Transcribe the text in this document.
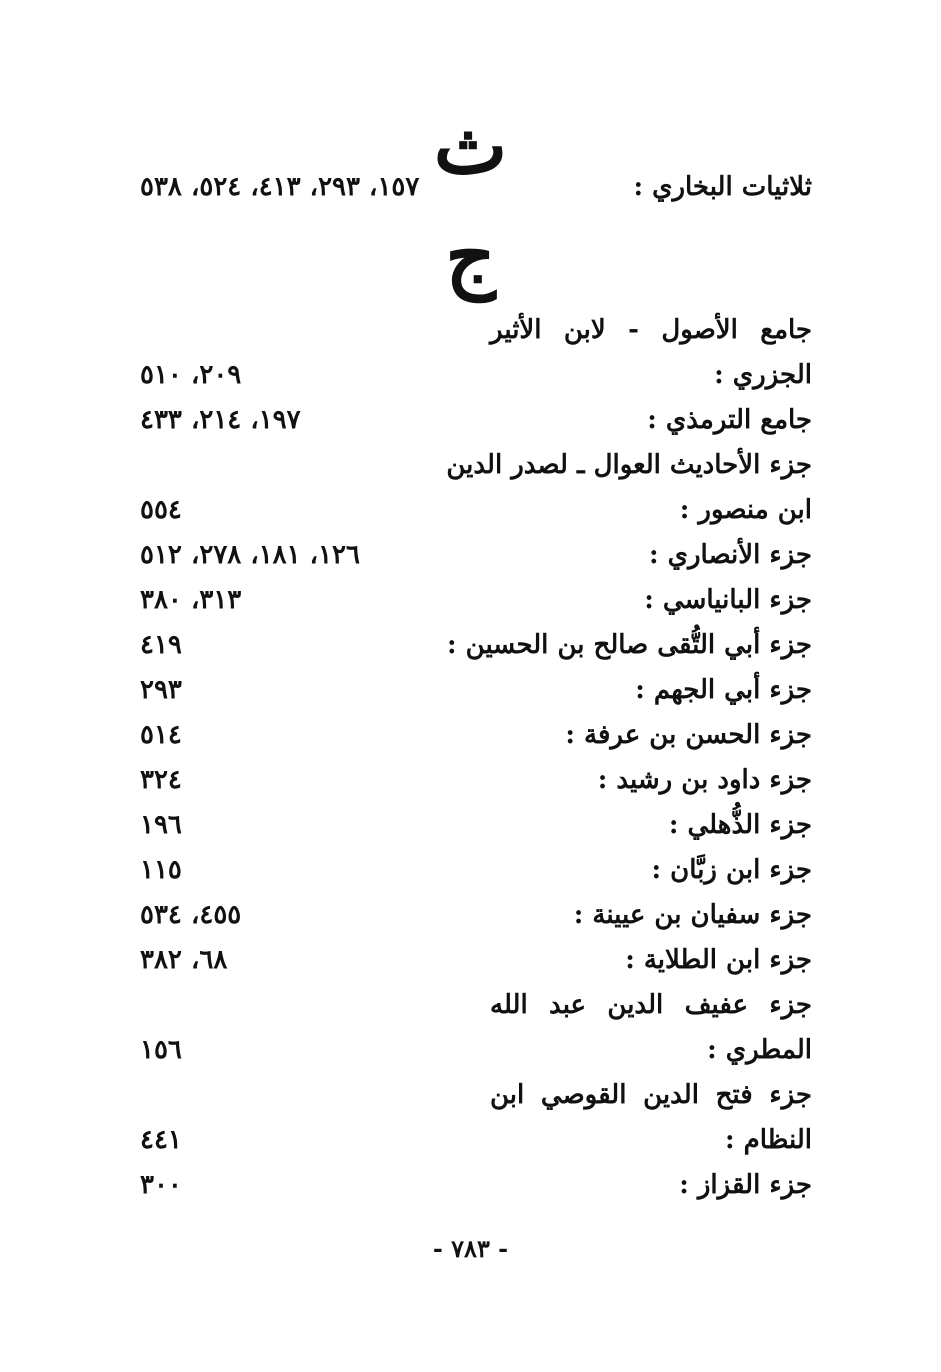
ث	ثلاثيات البخاري :
١٥٧، ٢٩٣، ٤١٣، ٥٢٤، ٥٣٨
ج
جامع الأصول - لابن الأثير
الجزري :
٢٠٩، ٥١٠
جامع الترمذي :
١٩٧، ٢١٤، ٤٣٣
جزء الأحاديث العوال ـ لصدر الدين
ابن منصور :
٥٥٤
جزء الأنصاري :
١٢٦، ١٨١، ٢٧٨، ٥١٢
جزء البانياسي :
٣١٣، ٣٨٠
جزء أبي التُّقى صالح بن الحسين :
٤١٩
جزء أبي الجهم :
٢٩٣
جزء الحسن بن عرفة :
٥١٤
جزء داود بن رشيد :
٣٢٤
جزء الذُّهلي :
١٩٦
جزء ابن زبَّان :
١١٥
جزء سفيان بن عيينة :
٤٥٥، ٥٣٤
جزء ابن الطلاية :
٦٨، ٣٨٢
جزء عفيف الدين عبد الله
المطري :
١٥٦
جزء فتح الدين القوصي ابن
النظام :
٤٤١
جزء القزاز :
٣٠٠
- ٧٨٣ -
